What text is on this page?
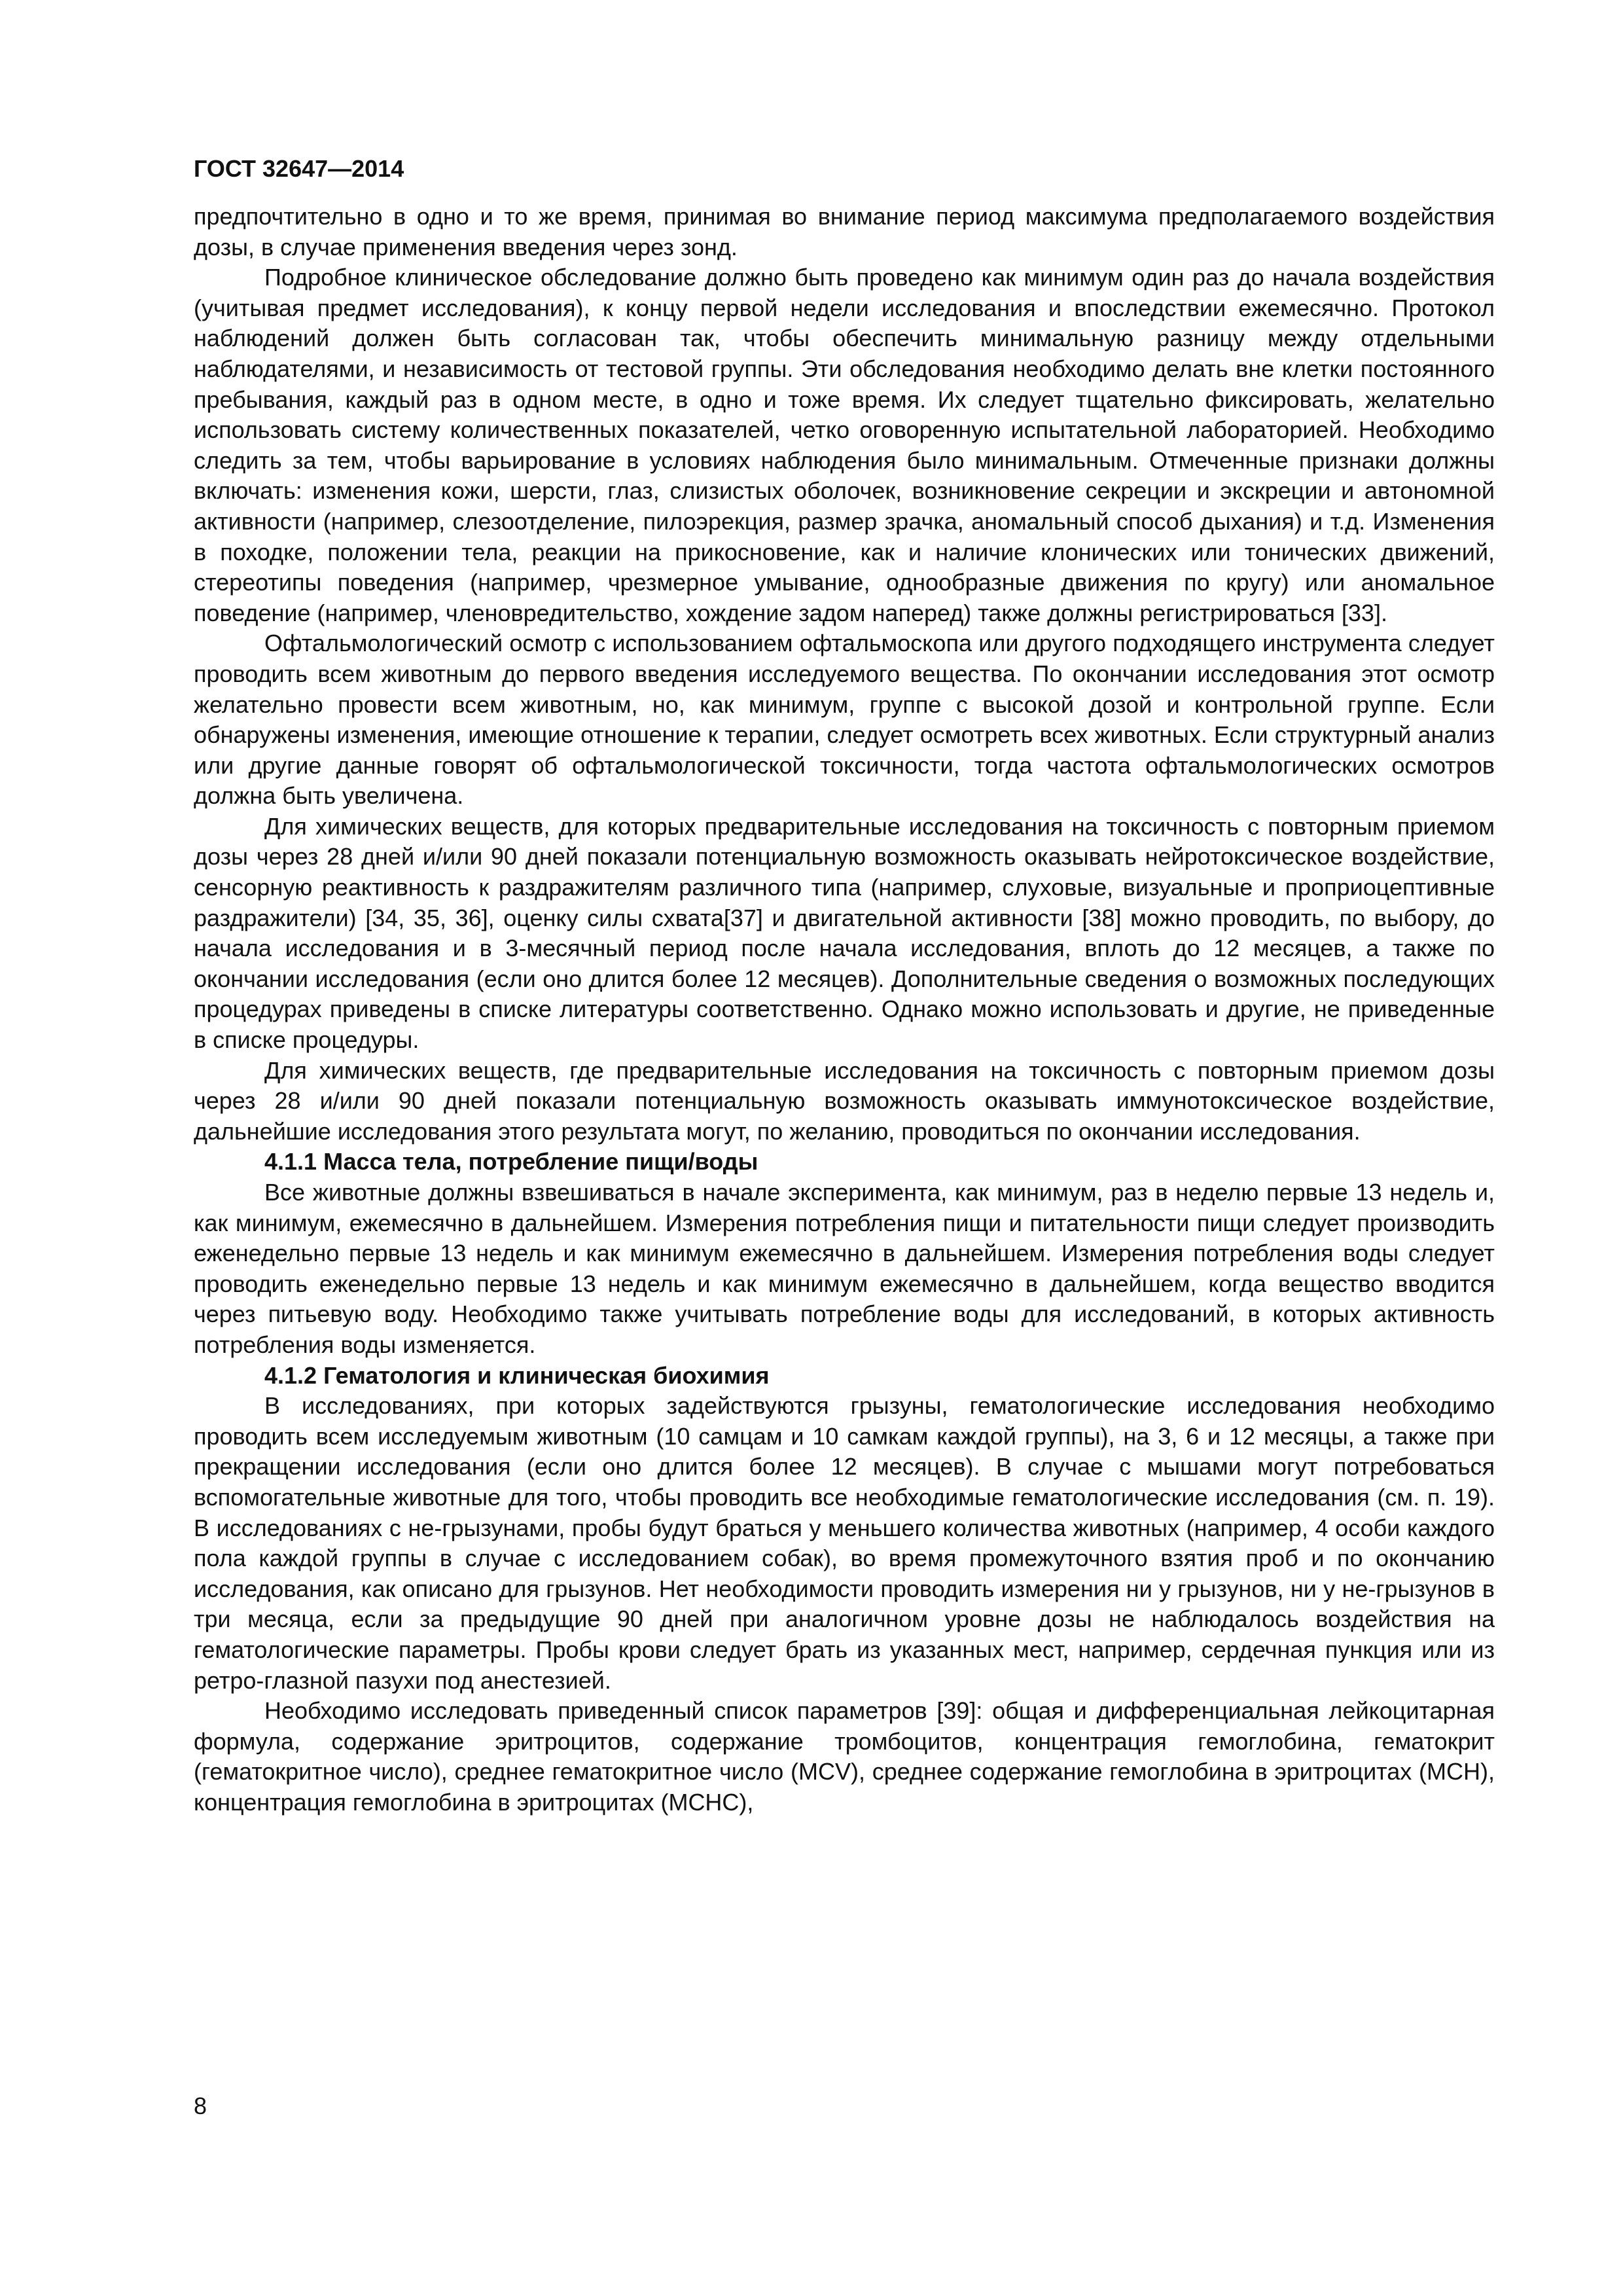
ГОСТ 32647—2014

предпочтительно в одно и то же время, принимая во внимание период максимума предполагаемого воздействия дозы, в случае применения введения через зонд.

Подробное клиническое обследование должно быть проведено как минимум один раз до начала воздействия (учитывая предмет исследования), к концу первой недели исследования и впоследствии ежемесячно. Протокол наблюдений должен быть согласован так, чтобы обеспечить минимальную разницу между отдельными наблюдателями, и независимость от тестовой группы. Эти обследования необходимо делать вне клетки постоянного пребывания, каждый раз в одном месте, в одно и тоже время. Их следует тщательно фиксировать, желательно использовать систему количественных показателей, четко оговоренную испытательной лабораторией. Необходимо следить за тем, чтобы варьирование в условиях наблюдения было минимальным. Отмеченные признаки должны включать: изменения кожи, шерсти, глаз, слизистых оболочек, возникновение секреции и экскреции и автономной активности (например, слезоотделение, пилоэрекция, размер зрачка, аномальный способ дыхания) и т.д. Изменения в походке, положении тела, реакции на прикосновение, как и наличие клонических или тонических движений, стереотипы поведения (например, чрезмерное умывание, однообразные движения по кругу) или аномальное поведение (например, членовредительство, хождение задом наперед) также должны регистрироваться [33].

Офтальмологический осмотр с использованием офтальмоскопа или другого подходящего инструмента следует проводить всем животным до первого введения исследуемого вещества. По окончании исследования этот осмотр желательно провести всем животным, но, как минимум, группе с высокой дозой и контрольной группе. Если обнаружены изменения, имеющие отношение к терапии, следует осмотреть всех животных. Если структурный анализ или другие данные говорят об офтальмологической токсичности, тогда частота офтальмологических осмотров должна быть увеличена.

Для химических веществ, для которых предварительные исследования на токсичность с повторным приемом дозы через 28 дней и/или 90 дней показали потенциальную возможность оказывать нейротоксическое воздействие, сенсорную реактивность к раздражителям различного типа (например, слуховые, визуальные и проприоцептивные раздражители) [34, 35, 36], оценку силы схвата[37] и двигательной активности [38] можно проводить, по выбору, до начала исследования и в 3-месячный период после начала исследования, вплоть до 12 месяцев, а также по окончании исследования (если оно длится более 12 месяцев). Дополнительные сведения о возможных последующих процедурах приведены в списке литературы соответственно. Однако можно использовать и другие, не приведенные в списке процедуры.

Для химических веществ, где предварительные исследования на токсичность с повторным приемом дозы через 28 и/или 90 дней показали потенциальную возможность оказывать иммунотоксическое воздействие, дальнейшие исследования этого результата могут, по желанию, проводиться по окончании исследования.

4.1.1 Масса тела, потребление пищи/воды

Все животные должны взвешиваться в начале эксперимента, как минимум, раз в неделю первые 13 недель и, как минимум, ежемесячно в дальнейшем. Измерения потребления пищи и питательности пищи следует производить еженедельно первые 13 недель и как минимум ежемесячно в дальнейшем. Измерения потребления воды следует проводить еженедельно первые 13 недель и как минимум ежемесячно в дальнейшем, когда вещество вводится через питьевую воду. Необходимо также учитывать потребление воды для исследований, в которых активность потребления воды изменяется.

4.1.2 Гематология и клиническая биохимия

В исследованиях, при которых задействуются грызуны, гематологические исследования необходимо проводить всем исследуемым животным (10 самцам и 10 самкам каждой группы), на 3, 6 и 12 месяцы, а также при прекращении исследования (если оно длится более 12 месяцев). В случае с мышами могут потребоваться вспомогательные животные для того, чтобы проводить все необходимые гематологические исследования (см. п. 19). В исследованиях с не-грызунами, пробы будут браться у меньшего количества животных (например, 4 особи каждого пола каждой группы в случае с исследованием собак), во время промежуточного взятия проб и по окончанию исследования, как описано для грызунов. Нет необходимости проводить измерения ни у грызунов, ни у не-грызунов в три месяца, если за предыдущие 90 дней при аналогичном уровне дозы не наблюдалось воздействия на гематологические параметры. Пробы крови следует брать из указанных мест, например, сердечная пункция или из ретро-глазной пазухи под анестезией.

Необходимо исследовать приведенный список параметров [39]: общая и дифференциальная лейкоцитарная формула, содержание эритроцитов, содержание тромбоцитов, концентрация гемоглобина, гематокрит (гематокритное число), среднее гематокритное число (MCV), среднее содержание гемоглобина в эритроцитах (MCH), концентрация гемоглобина в эритроцитах (MCHC),

8
